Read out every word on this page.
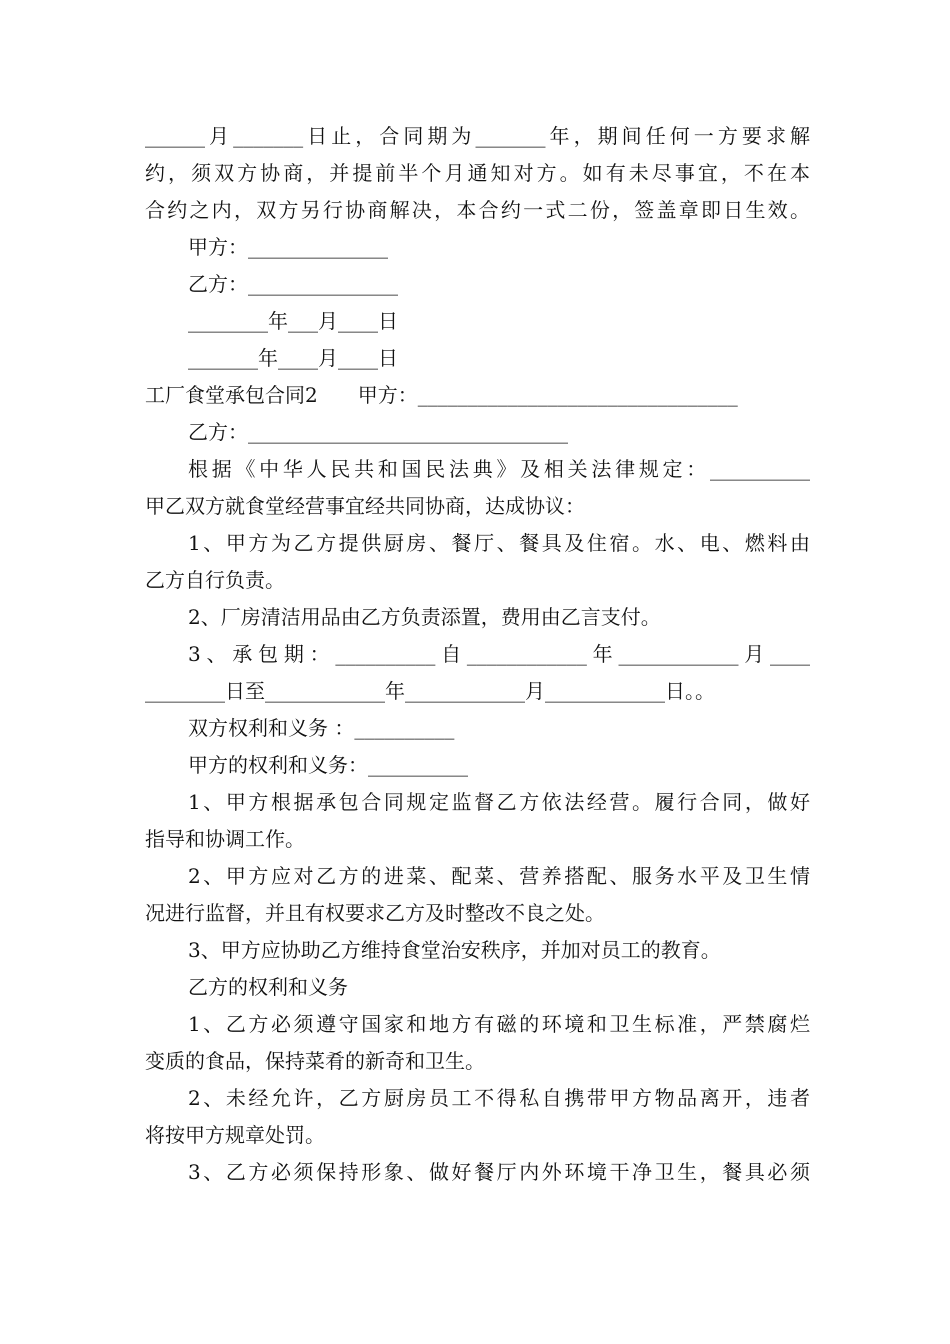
______月_______日止，合同期为_______年，期间任何一方要求解
约，须双方协商，并提前半个月通知对方。如有未尽事宜，不在本
合约之内，双方另行协商解决，本合约一式二份，签盖章即日生效。
甲方：______________
乙方：_______________
________年___月____日
_______年____月____日
工厂食堂承包合同2　　甲方：________________________________
乙方：________________________________
根据《中华人民共和国民法典》及相关法律规定：__________
甲乙双方就食堂经营事宜经共同协商，达成协议：
1、甲方为乙方提供厨房、餐厅、餐具及住宿。水、电、燃料由
乙方自行负责。
2、厂房清洁用品由乙方负责添置，费用由乙言支付。
3、承包期：__________自____________年____________月____
________日至____________年____________月____________日。。
双方权利和义务 ：__________
甲方的权利和义务：__________
1、甲方根据承包合同规定监督乙方依法经营。履行合同，做好
指导和协调工作。
2、甲方应对乙方的进菜、配菜、营养搭配、服务水平及卫生情
况进行监督，并且有权要求乙方及时整改不良之处。
3、甲方应协助乙方维持食堂治安秩序，并加对员工的教育。
乙方的权利和义务
1、乙方必须遵守国家和地方有磁的环境和卫生标准，严禁腐烂
变质的食品，保持菜肴的新奇和卫生。
2、未经允许，乙方厨房员工不得私自携带甲方物品离开，违者
将按甲方规章处罚。
3、乙方必须保持形象、做好餐厅内外环境干净卫生，餐具必须
